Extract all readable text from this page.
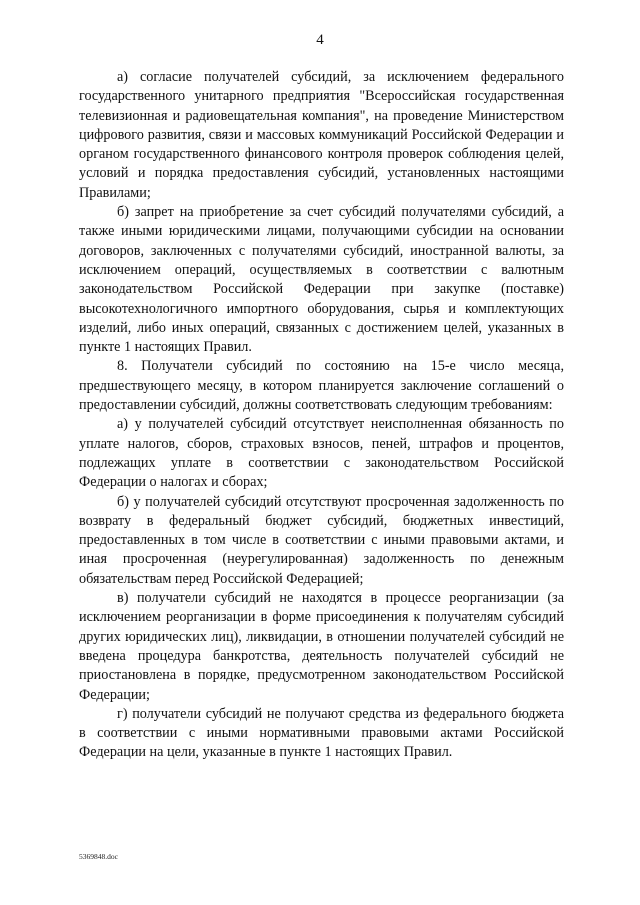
4

а) согласие получателей субсидий, за исключением федерального государственного унитарного предприятия "Всероссийская государственная телевизионная и радиовещательная компания", на проведение Министерством цифрового развития, связи и массовых коммуникаций Российской Федерации и органом государственного финансового контроля проверок соблюдения целей, условий и порядка предоставления субсидий, установленных настоящими Правилами;

б) запрет на приобретение за счет субсидий получателями субсидий, а также иными юридическими лицами, получающими субсидии на основании договоров, заключенных с получателями субсидий, иностранной валюты, за исключением операций, осуществляемых в соответствии с валютным законодательством Российской Федерации при закупке (поставке) высокотехнологичного импортного оборудования, сырья и комплектующих изделий, либо иных операций, связанных с достижением целей, указанных в пункте 1 настоящих Правил.

8. Получатели субсидий по состоянию на 15-е число месяца, предшествующего месяцу, в котором планируется заключение соглашений о предоставлении субсидий, должны соответствовать следующим требованиям:

а) у получателей субсидий отсутствует неисполненная обязанность по уплате налогов, сборов, страховых взносов, пеней, штрафов и процентов, подлежащих уплате в соответствии с законодательством Российской Федерации о налогах и сборах;

б) у получателей субсидий отсутствуют просроченная задолженность по возврату в федеральный бюджет субсидий, бюджетных инвестиций, предоставленных в том числе в соответствии с иными правовыми актами, и иная просроченная (неурегулированная) задолженность по денежным обязательствам перед Российской Федерацией;

в) получатели субсидий не находятся в процессе реорганизации (за исключением реорганизации в форме присоединения к получателям субсидий других юридических лиц), ликвидации, в отношении получателей субсидий не введена процедура банкротства, деятельность получателей субсидий не приостановлена в порядке, предусмотренном законодательством Российской Федерации;

г) получатели субсидий не получают средства из федерального бюджета в соответствии с иными нормативными правовыми актами Российской Федерации на цели, указанные в пункте 1 настоящих Правил.

5369848.doc
